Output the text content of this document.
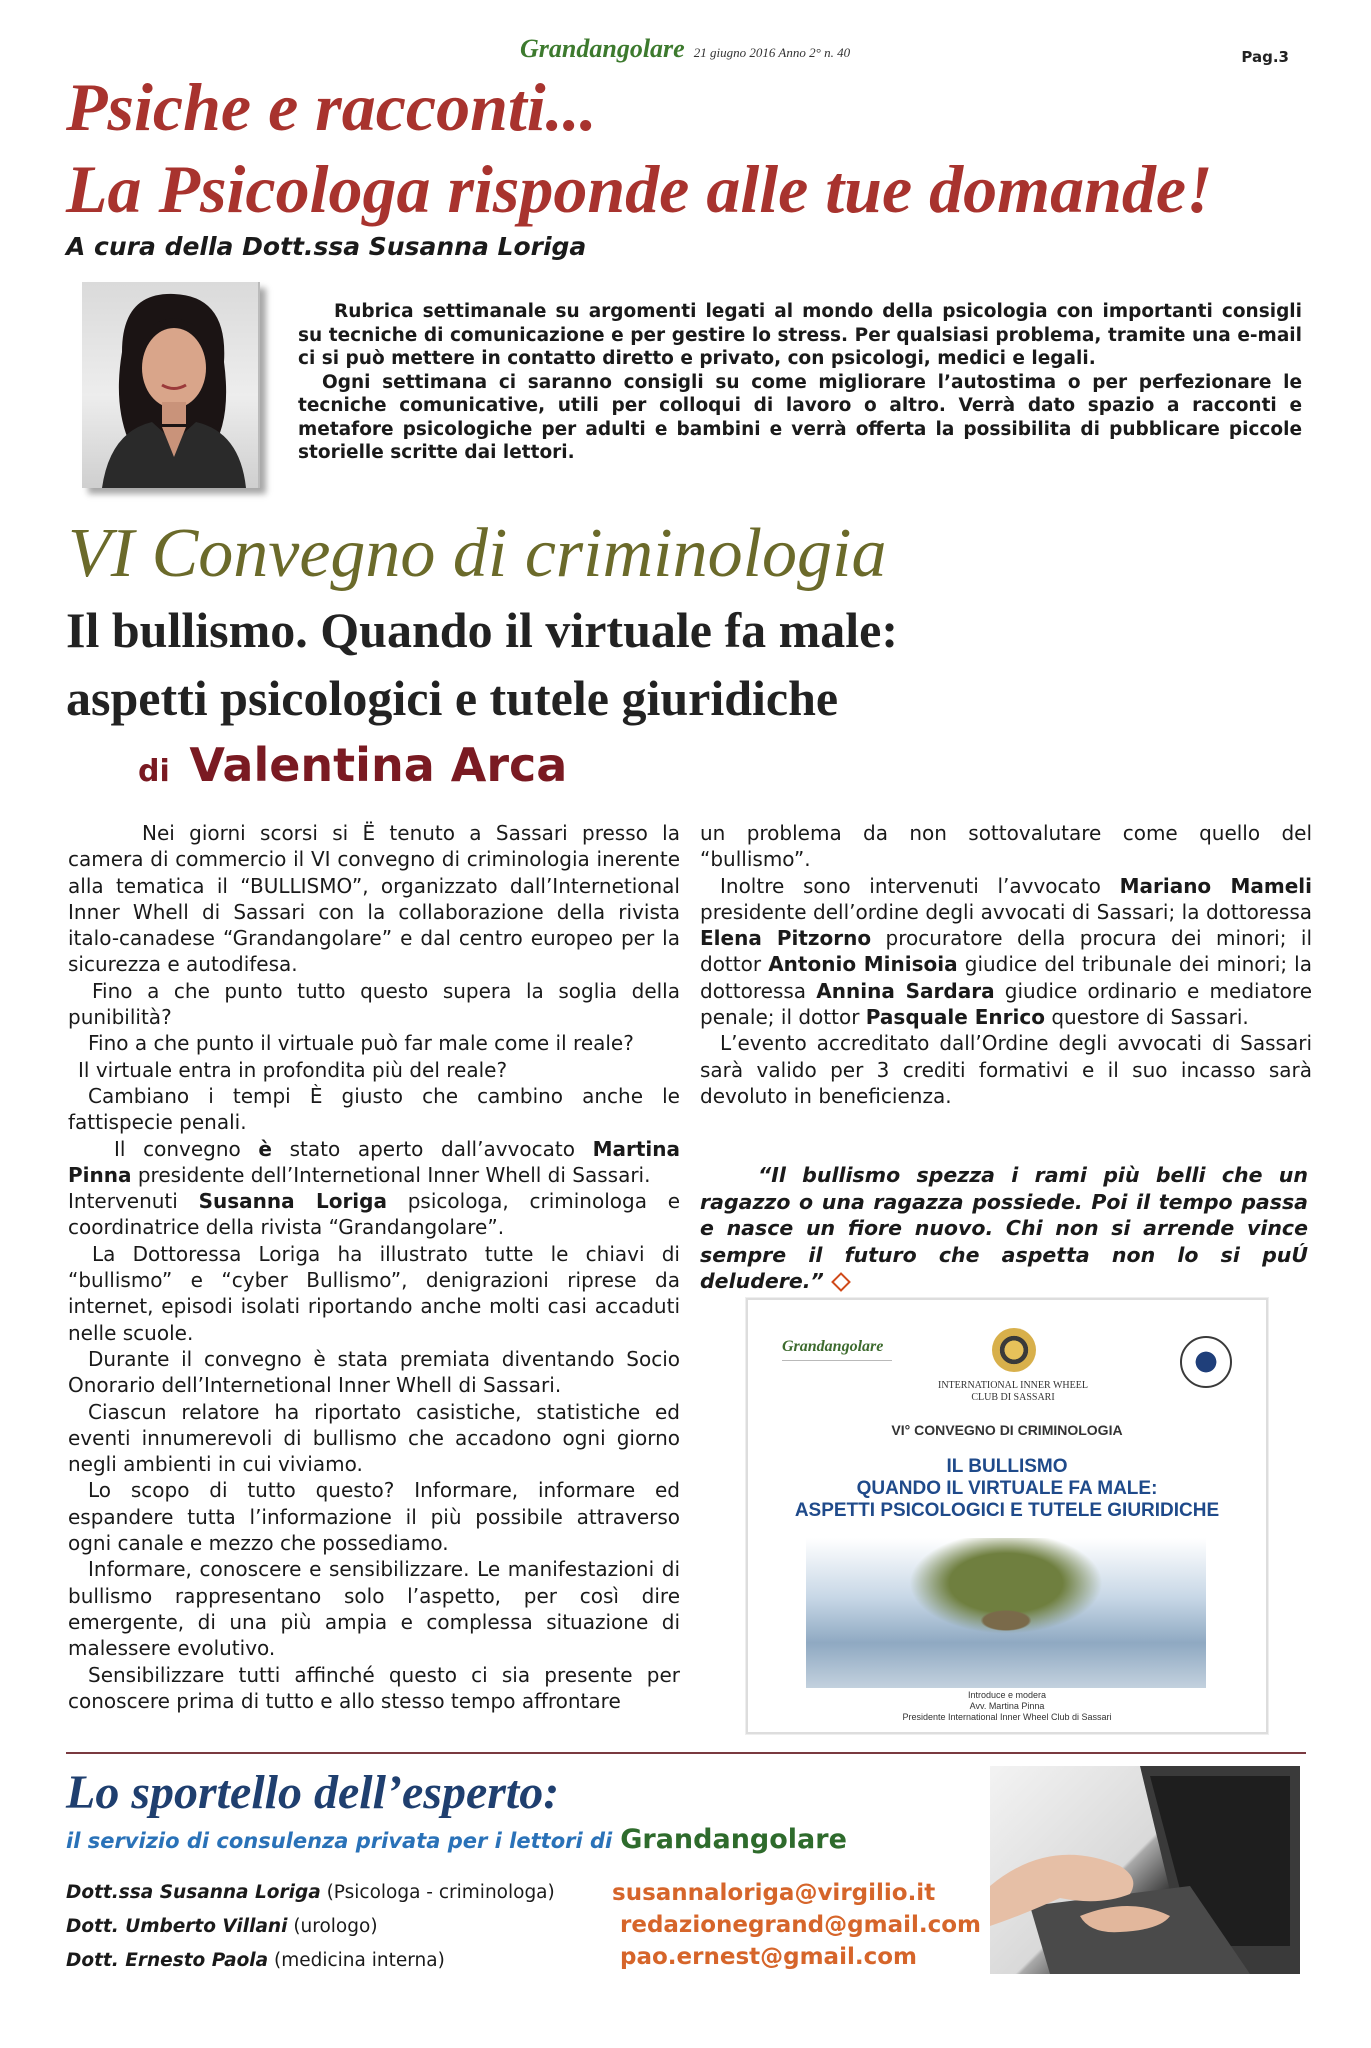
Grandangolare 21 giugno 2016 Anno 2° n. 40	Pag.3
Psiche e racconti...
La Psicologa risponde alle tue domande!
A cura della Dott.ssa Susanna Loriga

Rubrica settimanale su argomenti legati al mondo della psicologia con importanti consigli su tecniche di comunicazione e per gestire lo stress. Per qualsiasi problema, tramite una e-mail ci si può mettere in contatto diretto e privato, con psicologi, medici e legali.

Ogni settimana ci saranno consigli su come migliorare l’autostima o per perfezionare le tecniche comunicative, utili per colloqui di lavoro o altro. Verrà dato spazio a racconti e metafore psicologiche per adulti e bambini e verrà offerta la possibilita di pubblicare piccole storielle scritte dai lettori.

VI Convegno di criminologia
Il bullismo. Quando il virtuale fa male:
aspetti psicologici e tutele giuridiche
di Valentina Arca

Nei giorni scorsi si Ë tenuto a Sassari presso la camera di commercio il VI convegno di criminologia inerente alla tematica il “BULLISMO”, organizzato dall’Internetional Inner Whell di Sassari con la collaborazione della rivista italo-canadese “Grandangolare” e dal centro europeo per la sicurezza e autodifesa.

Fino a che punto tutto questo supera la soglia della punibilità?

Fino a che punto il virtuale può far male come il reale?

Il virtuale entra in profondita più del reale?

Cambiano i tempi È giusto che cambino anche le fattispecie penali.

Il convegno è stato aperto dall’avvocato Martina Pinna presidente dell’Internetional Inner Whell di Sassari.

Intervenuti Susanna Loriga psicologa, criminologa e coordinatrice della rivista “Grandangolare”.

La Dottoressa Loriga ha illustrato tutte le chiavi di “bullismo” e “cyber Bullismo”, denigrazioni riprese da internet, episodi isolati riportando anche molti casi accaduti nelle scuole.

Durante il convegno è stata premiata diventando Socio Onorario dell’Internetional Inner Whell di Sassari.

Ciascun relatore ha riportato casistiche, statistiche ed eventi innumerevoli di bullismo che accadono ogni giorno negli ambienti in cui viviamo.

Lo scopo di tutto questo? Informare, informare ed espandere tutta l’informazione il più possibile attraverso ogni canale e mezzo che possediamo.

Informare, conoscere e sensibilizzare. Le manifestazioni di bullismo rappresentano solo l’aspetto, per così dire emergente, di una più ampia e complessa situazione di malessere evolutivo.

Sensibilizzare tutti affinché questo ci sia presente per conoscere prima di tutto e allo stesso tempo affrontare

un problema da non sottovalutare come quello del “bullismo”.

Inoltre sono intervenuti l’avvocato Mariano Mameli presidente dell’ordine degli avvocati di Sassari; la dottoressa Elena Pitzorno procuratore della procura dei minori; il dottor Antonio Minisoia giudice del tribunale dei minori; la dottoressa Annina Sardara giudice ordinario e mediatore penale; il dottor Pasquale Enrico questore di Sassari.

L’evento accreditato dall’Ordine degli avvocati di Sassari sarà valido per 3 crediti formativi e il suo incasso sarà devoluto in beneficienza.

“Il bullismo spezza i rami più belli che un ragazzo o una ragazza possiede. Poi il tempo passa e nasce un fiore nuovo. Chi non si arrende vince sempre il futuro che aspetta non lo si puÚ deludere.”
Grandangolare
INTERNATIONAL INNER WHEEL
CLUB DI SASSARI
VI° CONVEGNO DI CRIMINOLOGIA
IL BULLISMO
QUANDO IL VIRTUALE FA MALE:
ASPETTI PSICOLOGICI E TUTELE GIURIDICHE
Introduce e modera
Avv. Martina Pinna
Presidente International Inner Wheel Club di Sassari
Lo sportello dell’esperto:
il servizio di consulenza privata per i lettori di Grandangolare
Dott.ssa Susanna Loriga (Psicologa - criminologa)
Dott. Umberto Villani (urologo)
Dott. Ernesto Paola (medicina interna)
susannaloriga@virgilio.it
redazionegrand@gmail.com
pao.ernest@gmail.com
